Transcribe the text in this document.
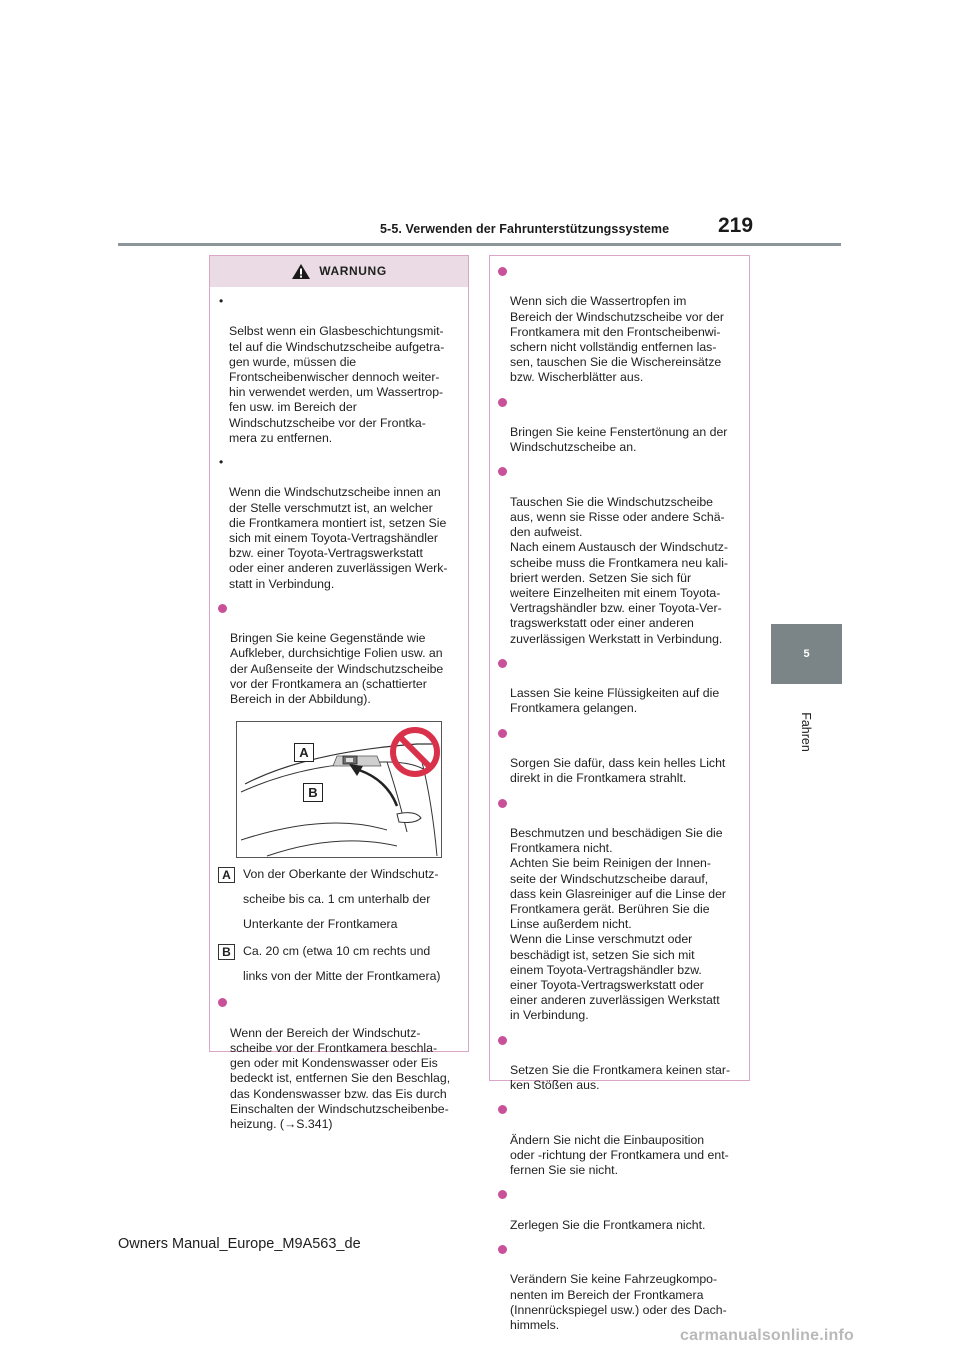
5-5. Verwenden der Fahrunterstützungssysteme	219
5
Fahren
WARNUNG

•

Selbst wenn ein Glasbeschichtungsmit-
tel auf die Windschutzscheibe aufgetra-
gen wurde, müssen die
Frontscheibenwischer dennoch weiter-
hin verwendet werden, um Wassertrop-
fen usw. im Bereich der
Windschutzscheibe vor der Frontka-
mera zu entfernen.

•

Wenn die Windschutzscheibe innen an
der Stelle verschmutzt ist, an welcher
die Frontkamera montiert ist, setzen Sie
sich mit einem Toyota-Vertragshändler
bzw. einer Toyota-Vertragswerkstatt
oder einer anderen zuverlässigen Werk-
statt in Verbindung.

Bringen Sie keine Gegenstände wie
Aufkleber, durchsichtige Folien usw. an
der Außenseite der Windschutzscheibe
vor der Frontkamera an (schattierter
Bereich in der Abbildung).

A
B
A Von der Oberkante der Windschutz-
scheibe bis ca. 1 cm unterhalb der
Unterkante der Frontkamera
B Ca. 20 cm (etwa 10 cm rechts und
links von der Mitte der Frontkamera)

Wenn der Bereich der Windschutz-
scheibe vor der Frontkamera beschla-
gen oder mit Kondenswasser oder Eis
bedeckt ist, entfernen Sie den Beschlag,
das Kondenswasser bzw. das Eis durch
Einschalten der Windschutzscheibenbe-
heizung. (→S.341)

Wenn sich die Wassertropfen im
Bereich der Windschutzscheibe vor der
Frontkamera mit den Frontscheibenwi-
schern nicht vollständig entfernen las-
sen, tauschen Sie die Wischereinsätze
bzw. Wischerblätter aus.

Bringen Sie keine Fenstertönung an der
Windschutzscheibe an.

Tauschen Sie die Windschutzscheibe
aus, wenn sie Risse oder andere Schä-
den aufweist.
Nach einem Austausch der Windschutz-
scheibe muss die Frontkamera neu kali-
briert werden. Setzen Sie sich für
weitere Einzelheiten mit einem Toyota-
Vertragshändler bzw. einer Toyota-Ver-
tragswerkstatt oder einer anderen
zuverlässigen Werkstatt in Verbindung.

Lassen Sie keine Flüssigkeiten auf die
Frontkamera gelangen.

Sorgen Sie dafür, dass kein helles Licht
direkt in die Frontkamera strahlt.

Beschmutzen und beschädigen Sie die
Frontkamera nicht.
Achten Sie beim Reinigen der Innen-
seite der Windschutzscheibe darauf,
dass kein Glasreiniger auf die Linse der
Frontkamera gerät. Berühren Sie die
Linse außerdem nicht.
Wenn die Linse verschmutzt oder
beschädigt ist, setzen Sie sich mit
einem Toyota-Vertragshändler bzw.
einer Toyota-Vertragswerkstatt oder
einer anderen zuverlässigen Werkstatt
in Verbindung.

Setzen Sie die Frontkamera keinen star-
ken Stößen aus.

Ändern Sie nicht die Einbauposition
oder -richtung der Frontkamera und ent-
fernen Sie sie nicht.

Zerlegen Sie die Frontkamera nicht.

Verändern Sie keine Fahrzeugkompo-
nenten im Bereich der Frontkamera
(Innenrückspiegel usw.) oder des Dach-
himmels.

Owners Manual_Europe_M9A563_de
carmanualsonline.info
